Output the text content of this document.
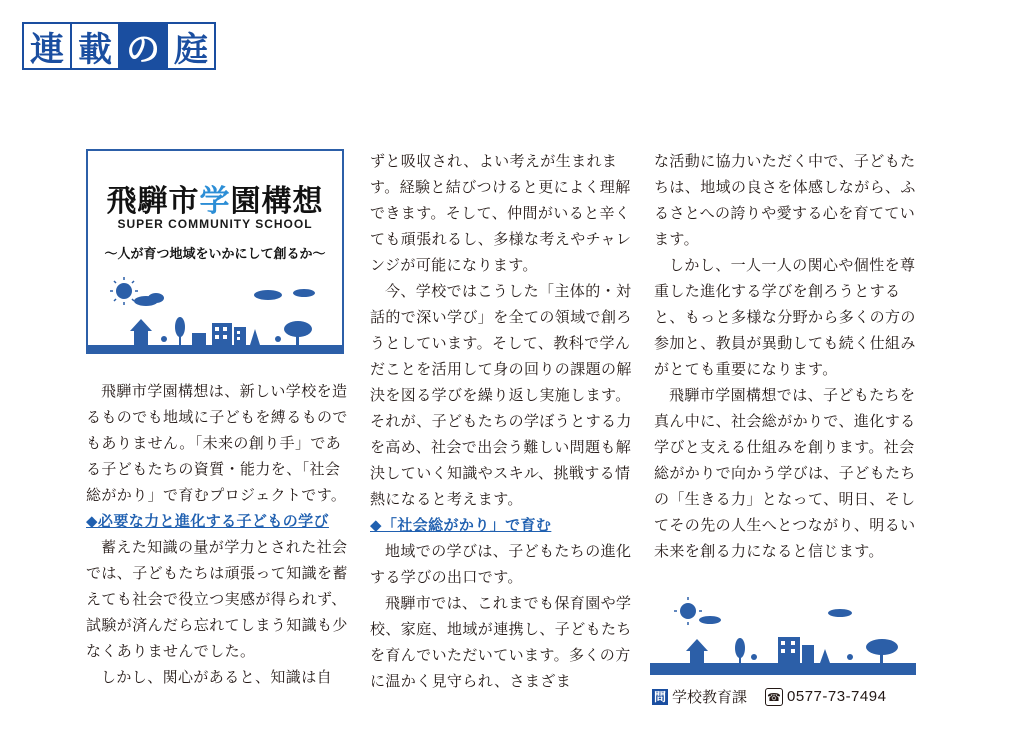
連 載 の 庭
飛騨市学園構想
SUPER COMMUNITY SCHOOL
〜人が育つ地域をいかにして創るか〜

飛騨市学園構想は、新しい学校を造るものでも地域に子どもを縛るものでもありません。「未来の創り手」である子どもたちの資質・能力を、「社会総がかり」で育むプロジェクトです。

◆必要な力と進化する子どもの学び

蓄えた知識の量が学力とされた社会では、子どもたちは頑張って知識を蓄えても社会で役立つ実感が得られず、試験が済んだら忘れてしまう知識も少なくありませんでした。

しかし、関心があると、知識は自

ずと吸収され、よい考えが生まれます。経験と結びつけると更によく理解できます。そして、仲間がいると辛くても頑張れるし、多様な考えやチャレンジが可能になります。

今、学校ではこうした「主体的・対話的で深い学び」を全ての領域で創ろうとしています。そして、教科で学んだことを活用して身の回りの課題の解決を図る学びを繰り返し実施します。それが、子どもたちの学ぼうとする力を高め、社会で出会う難しい問題も解決していく知識やスキル、挑戦する情熱になると考えます。

◆「社会総がかり」で育む

地域での学びは、子どもたちの進化する学びの出口です。

飛騨市では、これまでも保育園や学校、家庭、地域が連携し、子どもたちを育んでいただいています。多くの方に温かく見守られ、さまざま

な活動に協力いただく中で、子どもたちは、地域の良さを体感しながら、ふるさとへの誇りや愛する心を育てています。

しかし、一人一人の関心や個性を尊重した進化する学びを創ろうとすると、もっと多様な分野から多くの方の参加と、教員が異動しても続く仕組みがとても重要になります。

飛騨市学園構想では、子どもたちを真ん中に、社会総がかりで、進化する学びと支える仕組みを創ります。社会総がかりで向かう学びは、子どもたちの「生きる力」となって、明日、そしてその先の人生へとつながり、明るい未来を創る力になると信じます。

問 学校教育課 ☎ 0577-73-7494
